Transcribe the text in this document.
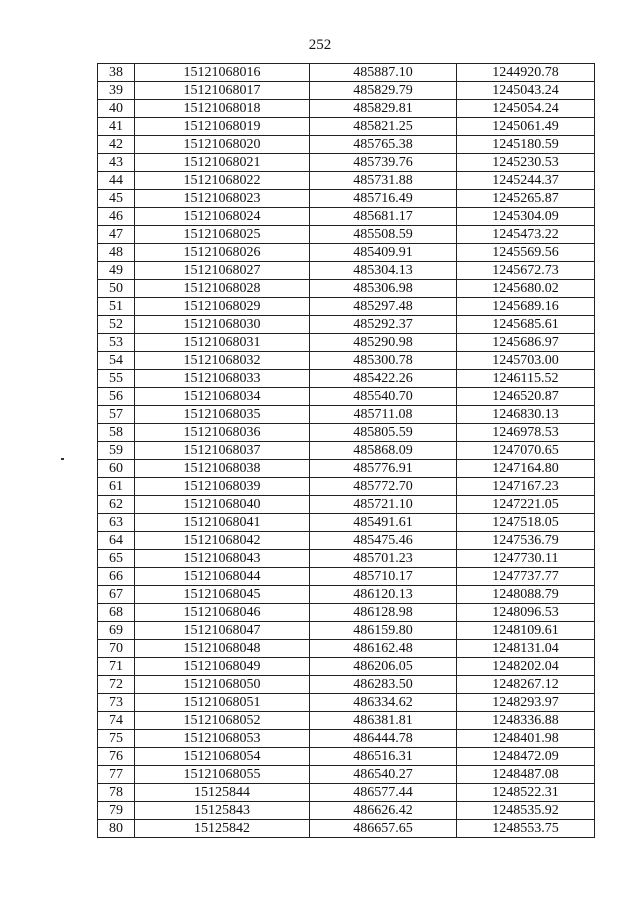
252
38	15121068016	485887.10	1244920.78
39	15121068017	485829.79	1245043.24
40	15121068018	485829.81	1245054.24
41	15121068019	485821.25	1245061.49
42	15121068020	485765.38	1245180.59
43	15121068021	485739.76	1245230.53
44	15121068022	485731.88	1245244.37
45	15121068023	485716.49	1245265.87
46	15121068024	485681.17	1245304.09
47	15121068025	485508.59	1245473.22
48	15121068026	485409.91	1245569.56
49	15121068027	485304.13	1245672.73
50	15121068028	485306.98	1245680.02
51	15121068029	485297.48	1245689.16
52	15121068030	485292.37	1245685.61
53	15121068031	485290.98	1245686.97
54	15121068032	485300.78	1245703.00
55	15121068033	485422.26	1246115.52
56	15121068034	485540.70	1246520.87
57	15121068035	485711.08	1246830.13
58	15121068036	485805.59	1246978.53
59	15121068037	485868.09	1247070.65
60	15121068038	485776.91	1247164.80
61	15121068039	485772.70	1247167.23
62	15121068040	485721.10	1247221.05
63	15121068041	485491.61	1247518.05
64	15121068042	485475.46	1247536.79
65	15121068043	485701.23	1247730.11
66	15121068044	485710.17	1247737.77
67	15121068045	486120.13	1248088.79
68	15121068046	486128.98	1248096.53
69	15121068047	486159.80	1248109.61
70	15121068048	486162.48	1248131.04
71	15121068049	486206.05	1248202.04
72	15121068050	486283.50	1248267.12
73	15121068051	486334.62	1248293.97
74	15121068052	486381.81	1248336.88
75	15121068053	486444.78	1248401.98
76	15121068054	486516.31	1248472.09
77	15121068055	486540.27	1248487.08
78	15125844	486577.44	1248522.31
79	15125843	486626.42	1248535.92
80	15125842	486657.65	1248553.75
